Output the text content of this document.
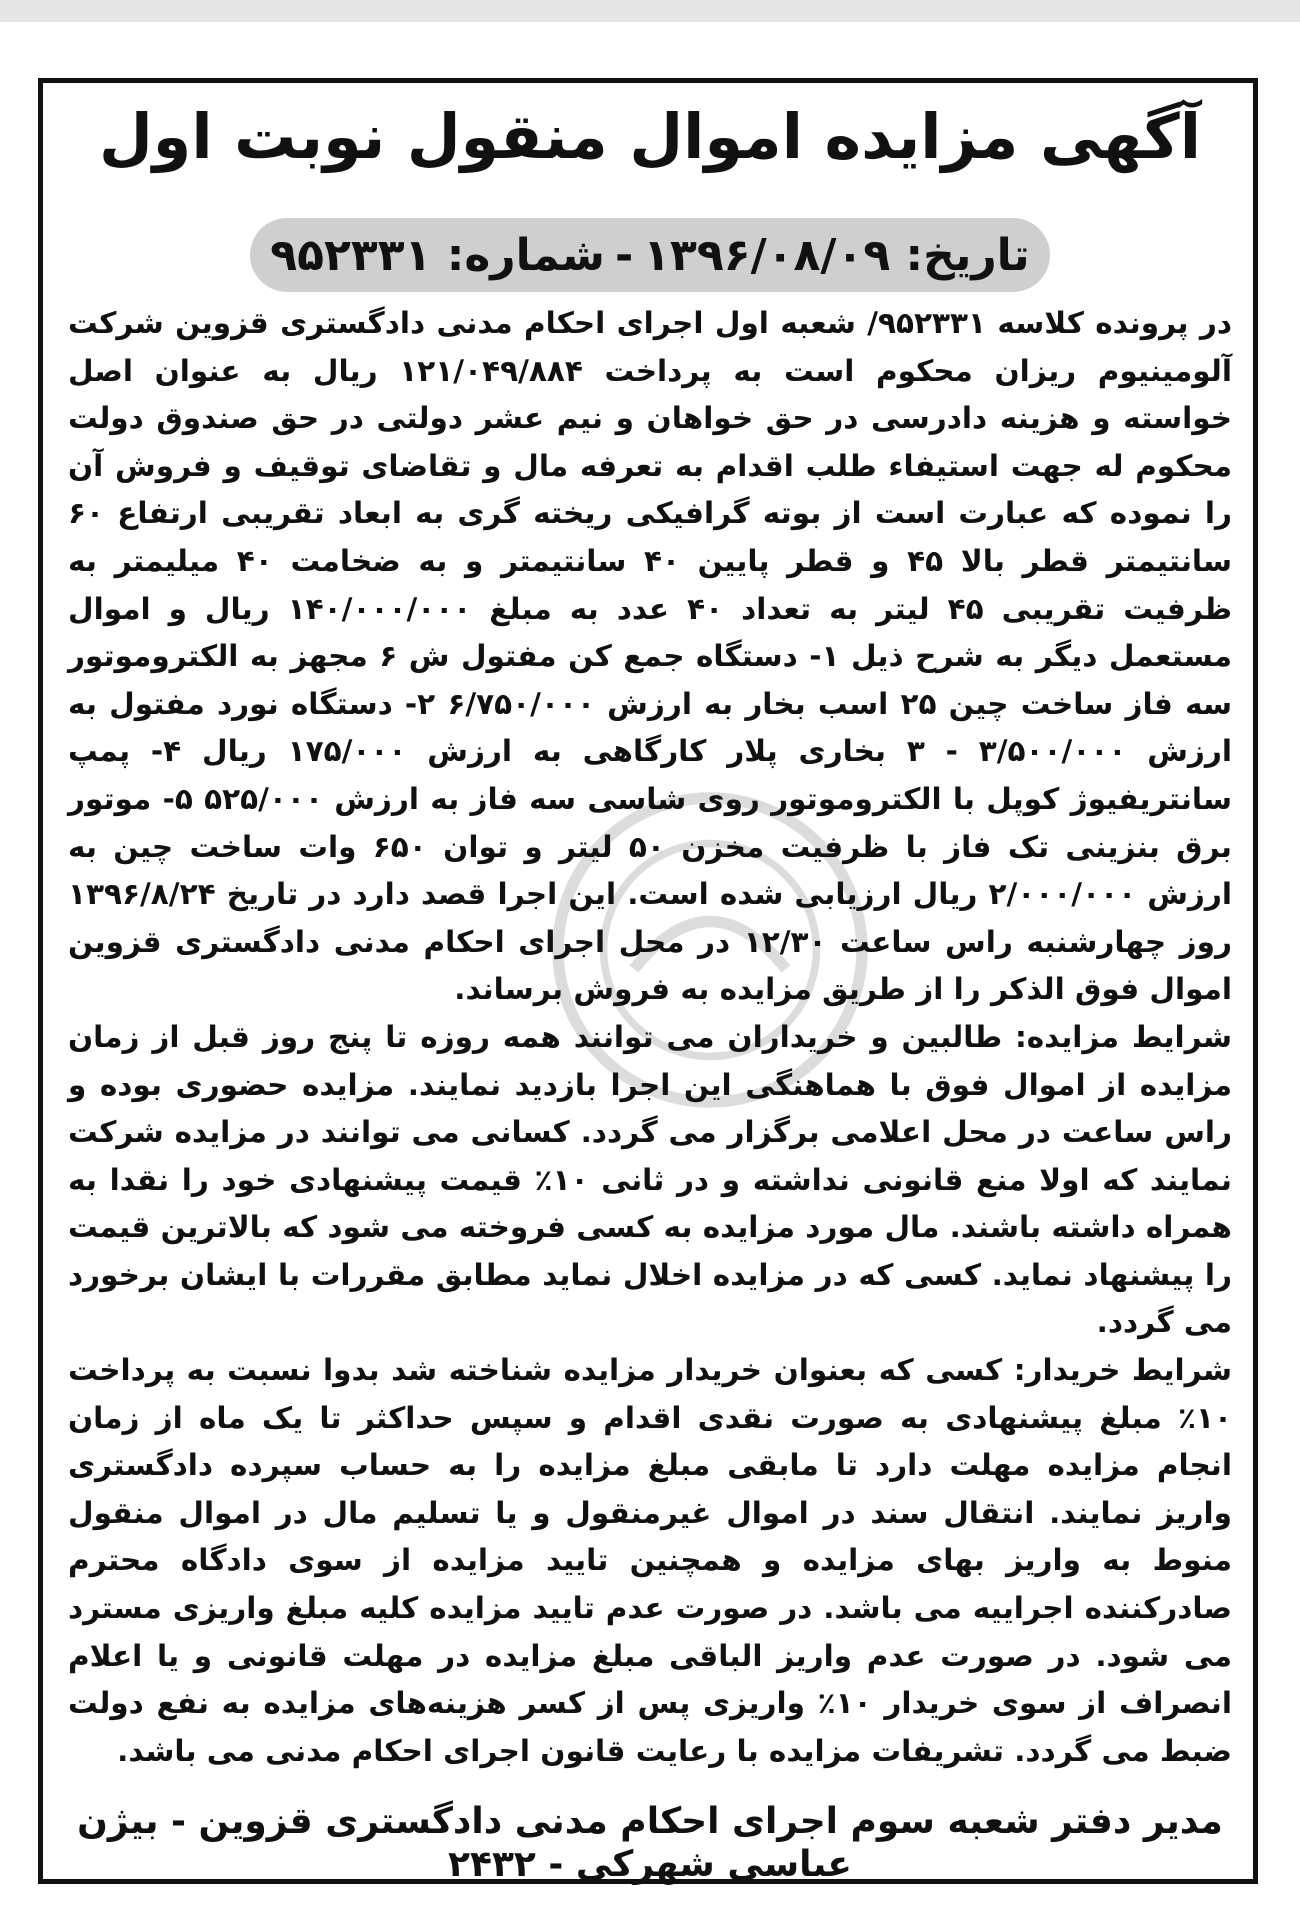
آگهی مزایده اموال منقول نوبت اول
تاریخ: ۱۳۹۶/۰۸/۰۹
-
شماره: ۹۵۲۳۳۱

در پرونده کلاسه ۹۵۲۳۳۱/ شعبه اول اجرای احکام مدنی دادگستری قزوین شرکت آلومینیوم ریزان محکوم است به پرداخت ۱۲۱/۰۴۹/۸۸۴ ریال به عنوان اصل خواسته و هزینه دادرسی در حق خواهان و نیم عشر دولتی در حق صندوق دولت محکوم له جهت استیفاء طلب اقدام به تعرفه مال و تقاضای توقیف و فروش آن را نموده که عبارت است از بوته گرافیکی ریخته گری به ابعاد تقریبی ارتفاع ۶۰ سانتیمتر قطر بالا ۴۵ و قطر پایین ۴۰ سانتیمتر و به ضخامت ۴۰ میلیمتر به ظرفیت تقریبی ۴۵ لیتر به تعداد ۴۰ عدد به مبلغ ۱۴۰/۰۰۰/۰۰۰ ریال و اموال مستعمل دیگر به شرح ذیل ۱- دستگاه جمع کن مفتول ش ۶ مجهز به الکتروموتور سه فاز ساخت چین ۲۵ اسب بخار به ارزش ۶/۷۵۰/۰۰۰ ۲- دستگاه نورد مفتول به ارزش ۳/۵۰۰/۰۰۰ - ۳ بخاری پلار کارگاهی به ارزش ۱۷۵/۰۰۰ ریال ۴- پمپ سانتریفیوژ کوپل با الکتروموتور روی شاسی سه فاز به ارزش ۵۲۵/۰۰۰ ۵- موتور برق بنزینی تک فاز با ظرفیت مخزن ۵۰ لیتر و توان ۶۵۰ وات ساخت چین به ارزش ۲/۰۰۰/۰۰۰ ریال ارزیابی شده است. این اجرا قصد دارد در تاریخ ۱۳۹۶/۸/۲۴ روز چهارشنبه راس ساعت ۱۲/۳۰ در محل اجرای احکام مدنی دادگستری قزوین اموال فوق الذکر را از طریق مزایده به فروش برساند.

شرایط مزایده: طالبین و خریداران می توانند همه روزه تا پنج روز قبل از زمان مزایده از اموال فوق با هماهنگی این اجرا بازدید نمایند. مزایده حضوری بوده و راس ساعت در محل اعلامی برگزار می گردد. کسانی می توانند در مزایده شرکت نمایند که اولا منع قانونی نداشته و در ثانی ۱۰٪ قیمت پیشنهادی خود را نقدا به همراه داشته باشند. مال مورد مزایده به کسی فروخته می شود که بالاترین قیمت را پیشنهاد نماید. کسی که در مزایده اخلال نماید مطابق مقررات با ایشان برخورد می گردد.

شرایط خریدار: کسی که بعنوان خریدار مزایده شناخته شد بدوا نسبت به پرداخت ۱۰٪ مبلغ پیشنهادی به صورت نقدی اقدام و سپس حداکثر تا یک ماه از زمان انجام مزایده مهلت دارد تا مابقی مبلغ مزایده را به حساب سپرده دادگستری واریز نمایند. انتقال سند در اموال غیرمنقول و یا تسلیم مال در اموال منقول منوط به واریز بهای مزایده و همچنین تایید مزایده از سوی دادگاه محترم صادرکننده اجراییه می باشد. در صورت عدم تایید مزایده کلیه مبلغ واریزی مسترد می شود. در صورت عدم واریز الباقی مبلغ مزایده در مهلت قانونی و یا اعلام انصراف از سوی خریدار ۱۰٪ واریزی پس از کسر هزینه‌های مزایده به نفع دولت ضبط می گردد. تشریفات مزایده با رعایت قانون اجرای احکام مدنی می باشد.

مدیر دفتر شعبه سوم اجرای احکام مدنی دادگستری قزوین - بیژن عباسی شهرکی - ۲۴۳۲
